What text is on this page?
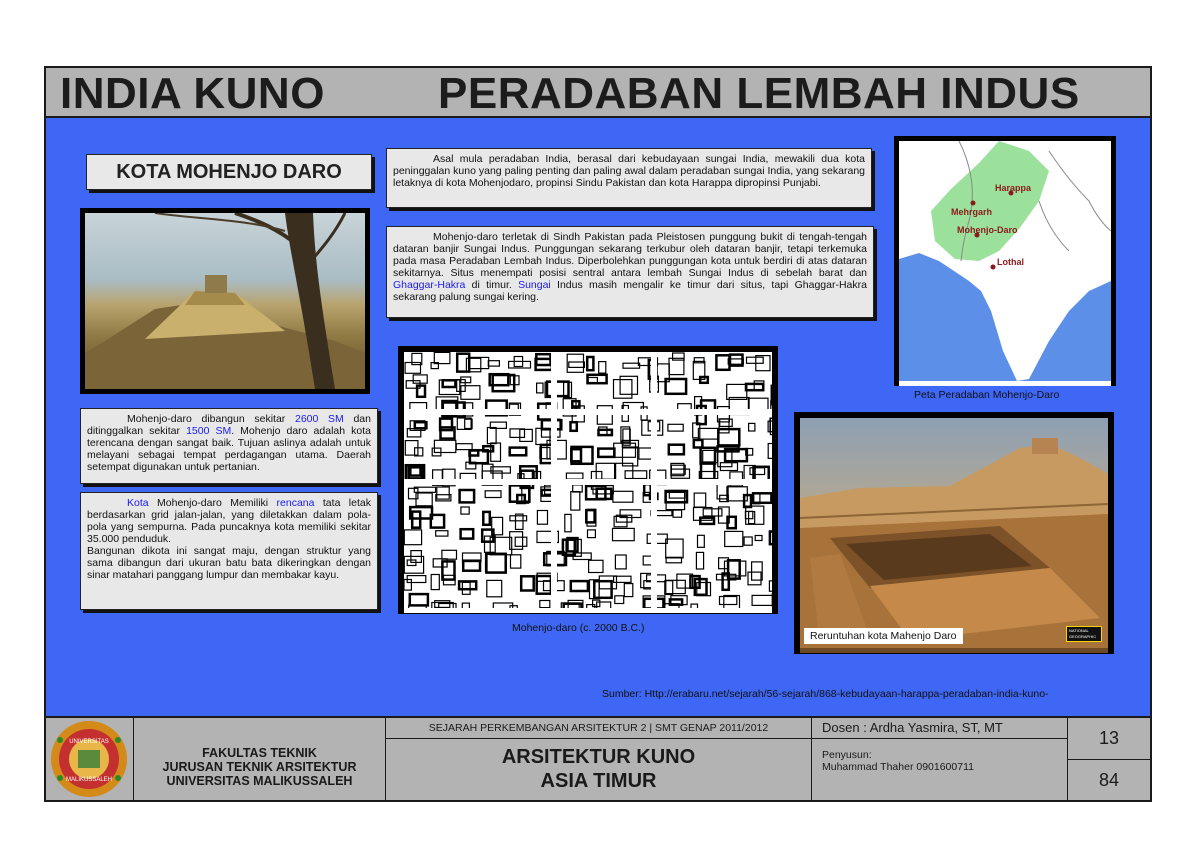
INDIA KUNO	PERADABAN LEMBAH INDUS
KOTA MOHENJO DARO

Asal mula peradaban India, berasal dari kebudayaan sungai India, mewakili dua kota peninggalan kuno yang paling penting dan paling awal dalam peradaban sungai India, yang sekarang letaknya di kota Mohenjodaro, propinsi Sindu Pakistan dan kota Harappa dipropinsi Punjabi.

Mohenjo-daro terletak di Sindh Pakistan pada Pleistosen punggung bukit di tengah-tengah dataran banjir Sungai Indus. Punggungan sekarang terkubur oleh dataran banjir, tetapi terkemuka pada masa Peradaban Lembah Indus. Diperbolehkan punggungan kota untuk berdiri di atas dataran sekitarnya. Situs menempati posisi sentral antara lembah Sungai Indus di sebelah barat dan Ghaggar-Hakra di timur. Sungai Indus masih mengalir ke timur dari situs, tapi Ghaggar-Hakra sekarang palung sungai kering.

Harappa
Mehrgarh
Mohenjo-Daro
Lothal
Peta Peradaban Mohenjo-Daro

Mohenjo-daro dibangun sekitar 2600 SM dan ditinggalkan sekitar 1500 SM. Mohenjo daro adalah kota terencana dengan sangat baik. Tujuan aslinya adalah untuk melayani sebagai tempat perdagangan utama. Daerah setempat digunakan untuk pertanian.

Kota Mohenjo-daro Memiliki rencana tata letak berdasarkan grid jalan-jalan, yang diletakkan dalam pola-pola yang sempurna. Pada puncaknya kota memiliki sekitar 35.000 penduduk.

Bangunan dikota ini sangat maju, dengan struktur yang sama dibangun dari ukuran batu bata dikeringkan dengan sinar matahari panggang lumpur dan membakar kayu.

Mohenjo-daro (c. 2000 B.C.)
Reruntuhan kota Mahenjo Daro	NATIONAL GEOGRAPHIC
Sumber: Http://erabaru.net/sejarah/56-sejarah/868-kebudayaan-harappa-peradaban-india-kuno-
UNIVERSITAS
MALIKUSSALEH
FAKULTAS TEKNIK
JURUSAN TEKNIK ARSITEKTUR
UNIVERSITAS MALIKUSSALEH
SEJARAH PERKEMBANGAN ARSITEKTUR 2 | SMT GENAP 2011/2012
ARSITEKTUR KUNO
ASIA TIMUR
Dosen : Ardha Yasmira, ST, MT
Penyusun:
Muhammad Thaher 0901600711
13
84
